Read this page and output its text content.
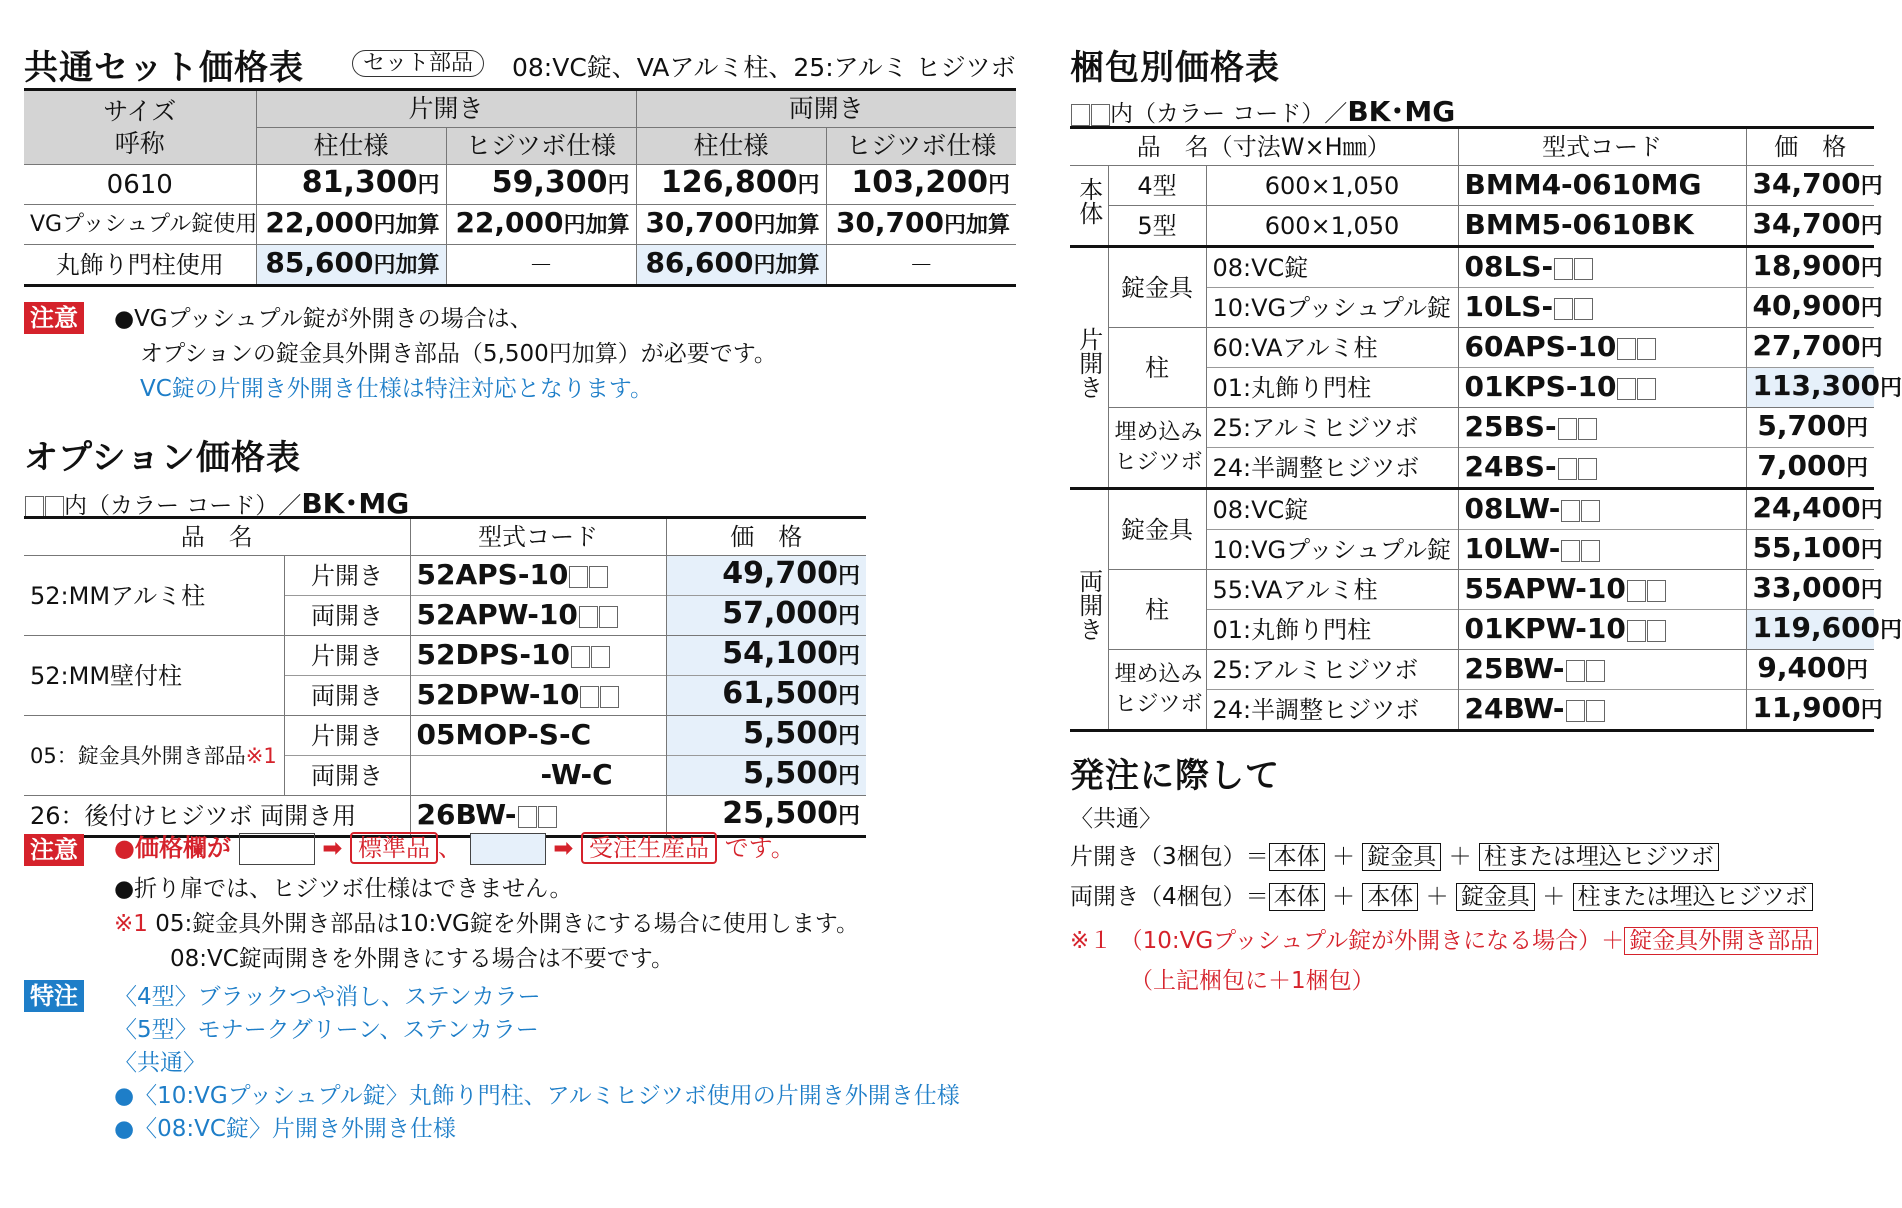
共通セット価格表	セット部品	08:VC錠、VAアルミ柱、25:アルミ ヒジツボ
サイズ
呼称	片開き		両開き	
	柱仕様	ヒジツボ仕様	柱仕様	ヒジツボ仕様
0610	81,300円	59,300円	126,800円	103,200円
VGプッシュプル錠使用	22,000円加算	22,000円加算	30,700円加算	30,700円加算
丸飾り門柱使用	85,600円加算	－	86,600円加算	－
注意 ●VGプッシュプル錠が外開きの場合は、
オプションの錠金具外開き部品（5,500円加算）が必要です。
VC錠の片開き外開き仕様は特注対応となります。
オプション価格表
内（カラー コード）／BK･MG
品　名		型式コード	価　格
52:MMアルミ柱	片開き	52APS-10	49,700円
	両開き	52APW-10	57,000円
52:MM壁付柱	片開き	52DPS-10	54,100円
	両開き	52DPW-10	61,500円
05：錠金具外開き部品※1	片開き	05MOP-S-C	5,500円
	両開き	-W-C	5,500円
26：後付けヒジツボ 両開き用		26BW-	25,500円
注意 ●価格欄が	➡ 標準品 、	➡ 受注生産品 です。
●折り扉では、ヒジツボ仕様はできません。
※1 05:錠金具外開き部品は10:VG錠を外開きにする場合に使用します。
08:VC錠両開きを外開きにする場合は不要です。
特注 〈4型〉ブラックつや消し、ステンカラー
〈5型〉モナークグリーン、ステンカラー
〈共通〉
●〈10:VGプッシュプル錠〉丸飾り門柱、アルミヒジツボ使用の片開き外開き仕様
●〈08:VC錠〉片開き外開き仕様
梱包別価格表
内（カラー コード）／BK･MG
品　名（寸法W×H㎜）			型式コード	価　格
本体	4型	600×1,050	BMM4-0610MG	34,700円
	5型	600×1,050	BMM5-0610BK	34,700円
片開き	錠金具	08:VC錠	08LS-	18,900円
		10:VGプッシュプル錠	10LS-	40,900円
	柱	60:VAアルミ柱	60APS-10	27,700円
		01:丸飾り門柱	01KPS-10	113,300円
	埋め込み
ヒジツボ	25:アルミヒジツボ	25BS-	5,700円
		24:半調整ヒジツボ	24BS-	7,000円
両開き	錠金具	08:VC錠	08LW-	24,400円
		10:VGプッシュプル錠	10LW-	55,100円
	柱	55:VAアルミ柱	55APW-10	33,000円
		01:丸飾り門柱	01KPW-10	119,600円
	埋め込み
ヒジツボ	25:アルミヒジツボ	25BW-	9,400円
		24:半調整ヒジツボ	24BW-	11,900円
発注に際して
〈共通〉
片開き（3梱包）＝ 本体 ＋ 錠金具 ＋ 柱または埋込ヒジツボ
両開き（4梱包）＝ 本体 ＋ 本体 ＋ 錠金具 ＋ 柱または埋込ヒジツボ
※１ （10:VGプッシュプル錠が外開きになる場合）＋ 錠金具外開き部品
（上記梱包に＋1梱包）
